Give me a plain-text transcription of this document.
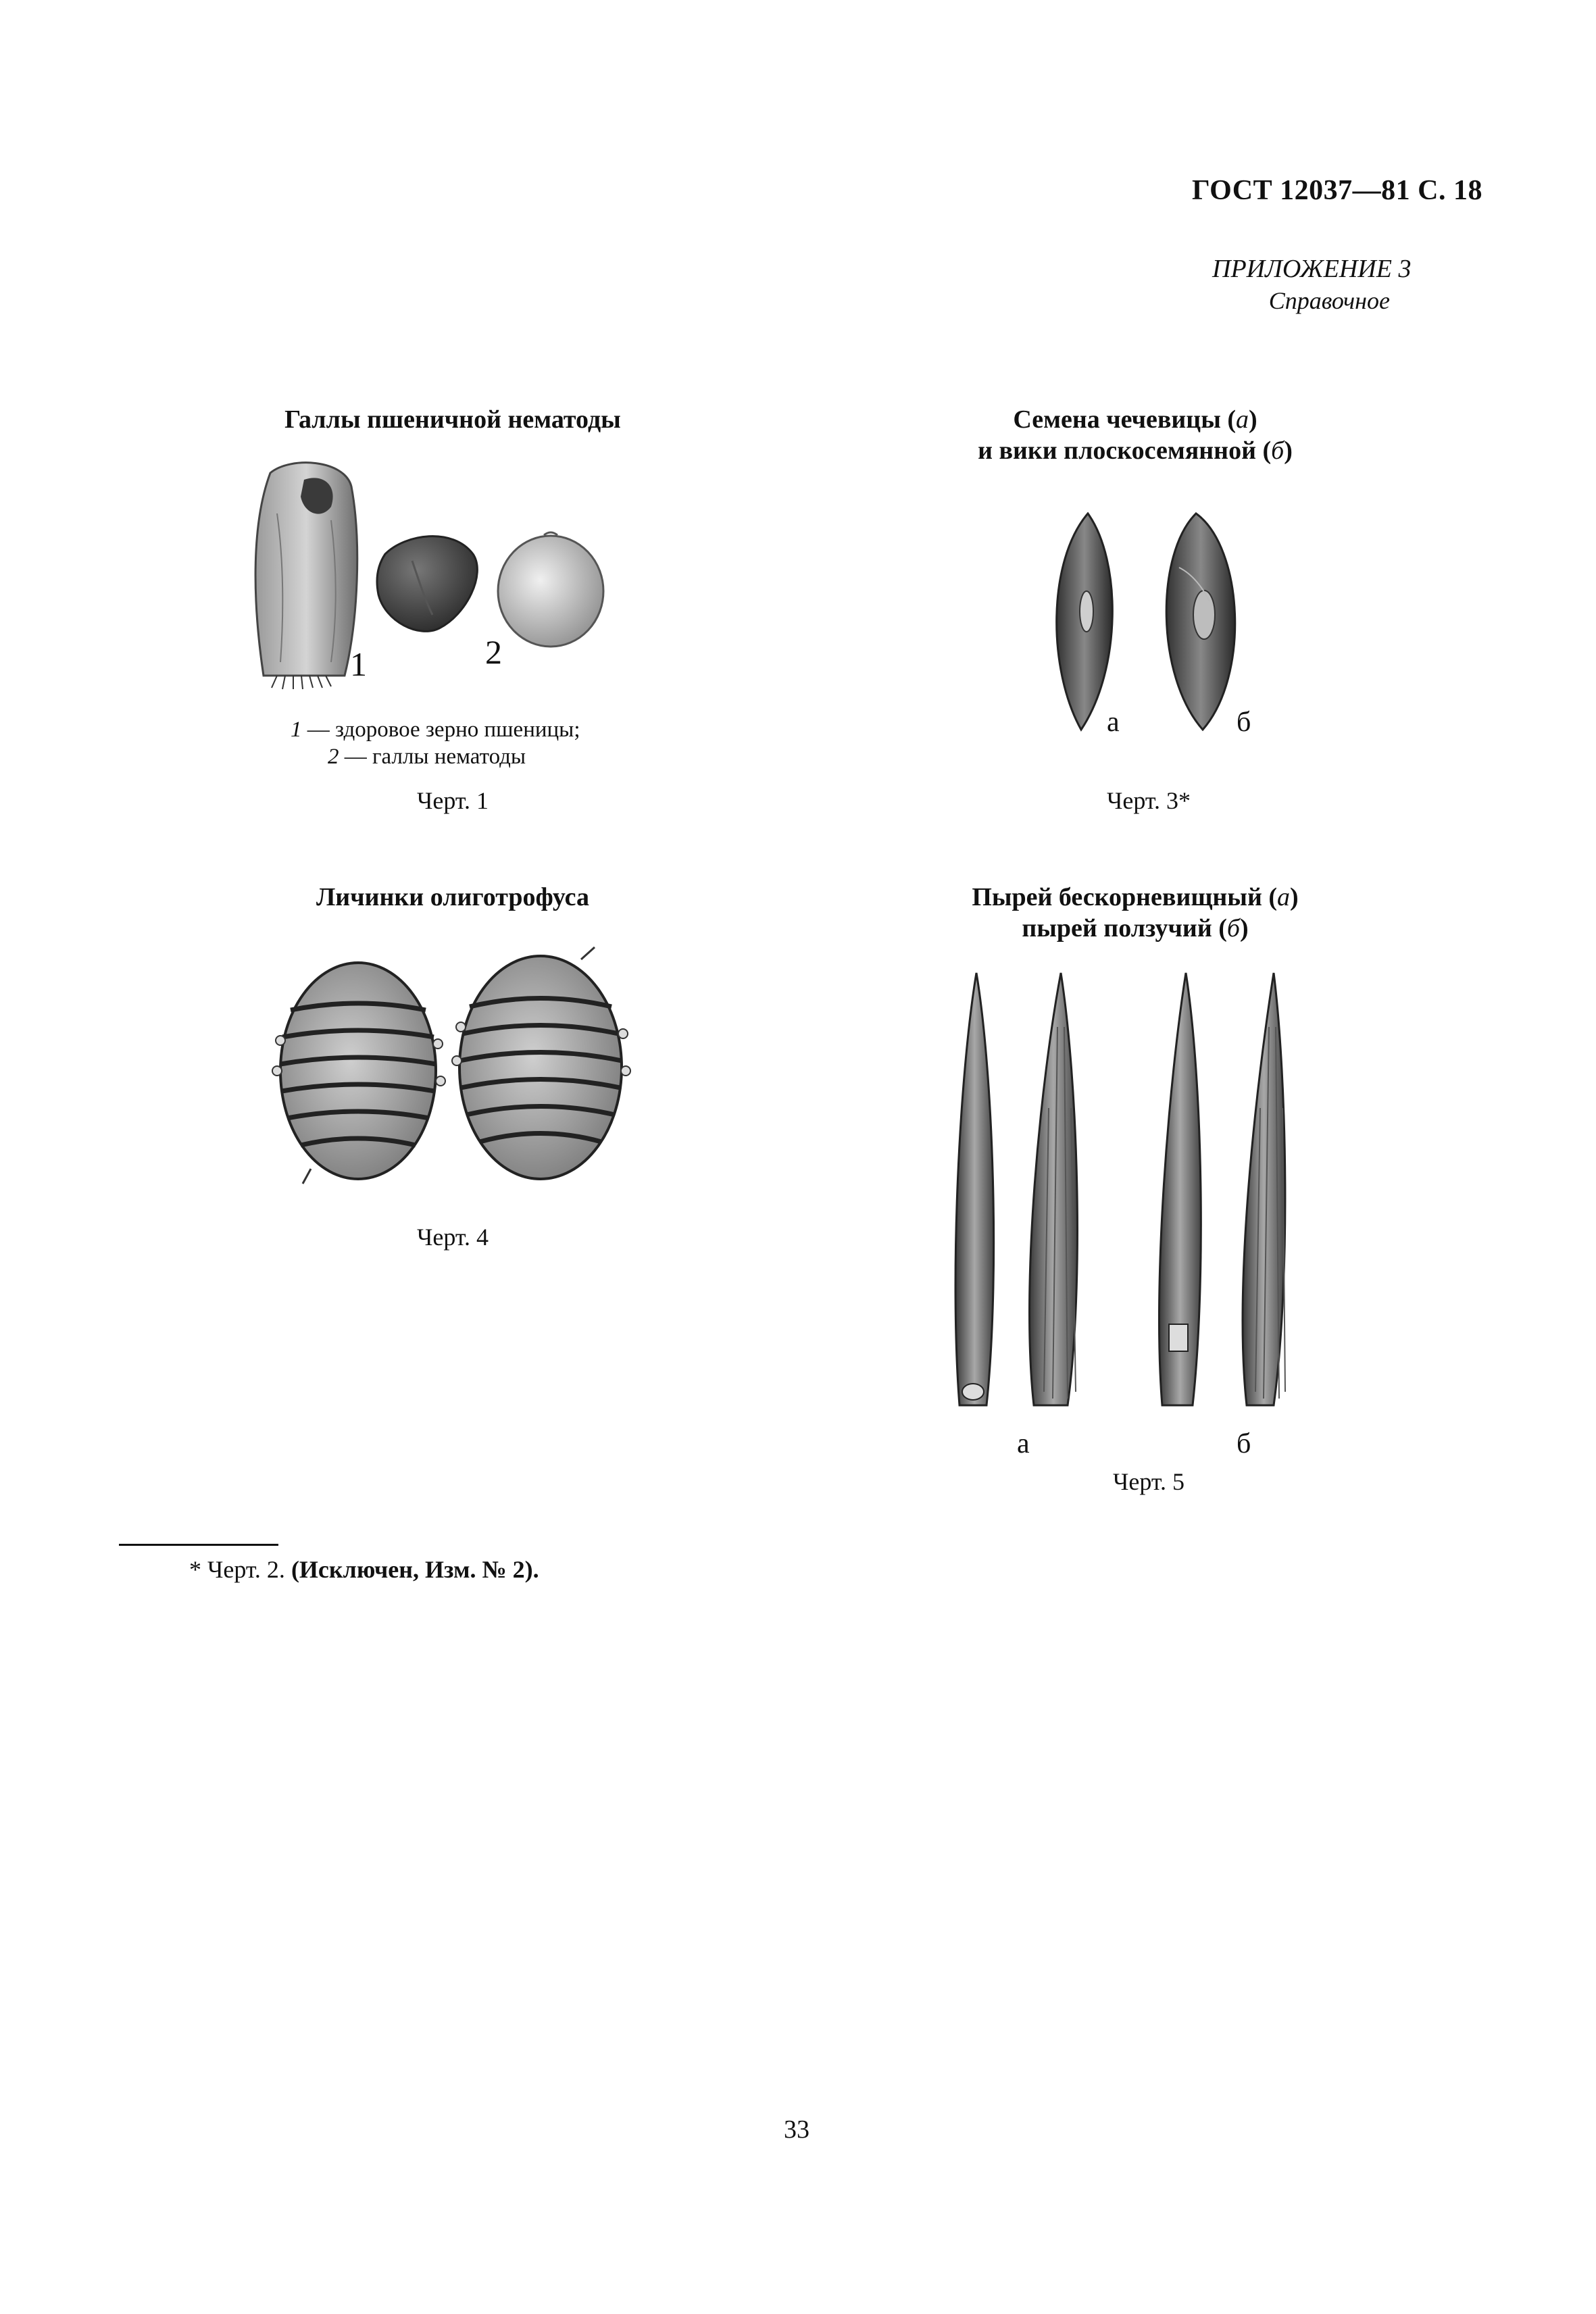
ГОСТ 12037—81 С. 18
ПРИЛОЖЕНИЕ 3
Справочное
Галлы пшеничной нематоды
1	2
1 — здоровое зерно пшеницы;
2 — галлы нематоды
Черт. 1
Семена чечевицы (а)
и вики плоскосемянной (б)
а	б
Черт. 3*
Личинки олиготрофуса
Черт. 4
Пырей бескорневищный (а)
пырей ползучий (б)
а	б
Черт. 5
* Черт. 2. (Исключен, Изм. № 2).
33
